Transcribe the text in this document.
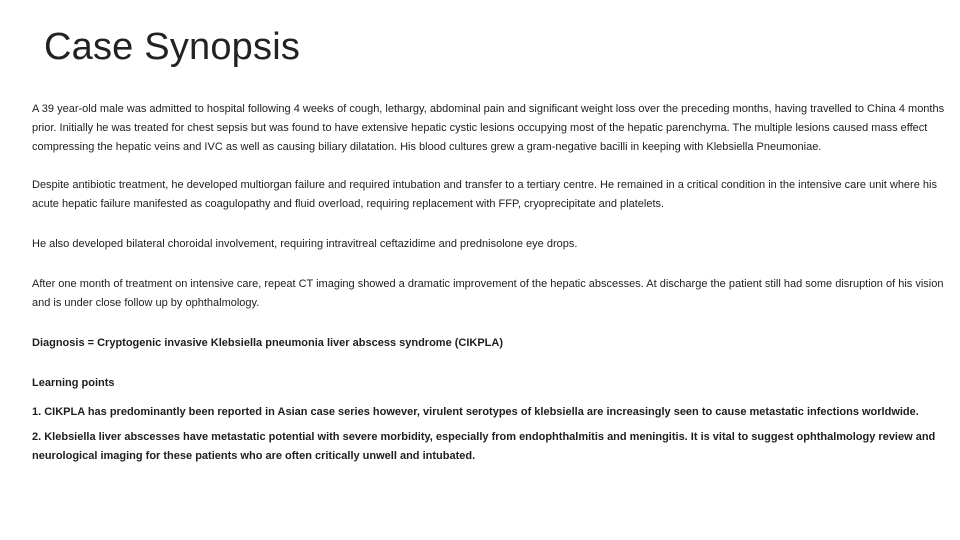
Case Synopsis

A 39 year-old male was admitted to hospital following 4 weeks of cough, lethargy, abdominal pain and significant weight loss over the preceding months, having travelled to China 4 months prior. Initially he was treated for chest sepsis but was found to have extensive hepatic cystic lesions occupying most of the hepatic parenchyma. The multiple lesions caused mass effect compressing the hepatic veins and IVC as well as causing biliary dilatation. His blood cultures grew a gram-negative bacilli in keeping with Klebsiella Pneumoniae.

Despite antibiotic treatment, he developed multiorgan failure and required intubation and transfer to a tertiary centre. He remained in a critical condition in the intensive care unit where his acute hepatic failure manifested as coagulopathy and fluid overload, requiring replacement with FFP, cryoprecipitate and platelets.

He also developed bilateral choroidal involvement, requiring intravitreal ceftazidime and prednisolone eye drops.

After one month of treatment on intensive care, repeat CT imaging showed a dramatic improvement of the hepatic abscesses. At discharge the patient still had some disruption of his vision and is under close follow up by ophthalmology.

Diagnosis = Cryptogenic invasive Klebsiella pneumonia liver abscess syndrome (CIKPLA)

Learning points

1. CIKPLA has predominantly been reported in Asian case series however, virulent serotypes of klebsiella are increasingly seen to cause metastatic infections worldwide.

2. Klebsiella liver abscesses have metastatic potential with severe morbidity, especially from endophthalmitis and meningitis. It is vital to suggest ophthalmology review and neurological imaging for these patients who are often critically unwell and intubated.
